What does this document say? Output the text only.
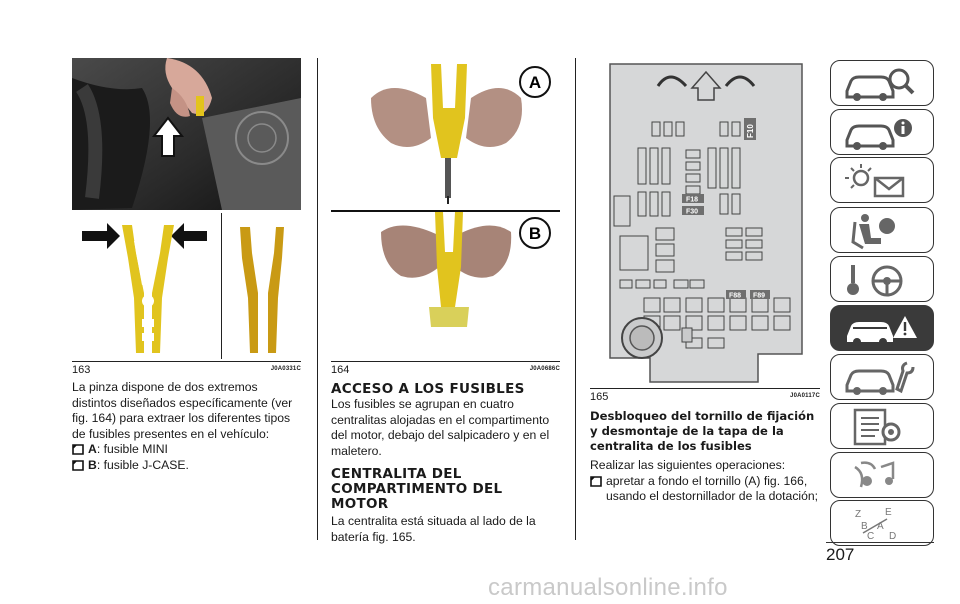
163	J0A0331C

La pinza dispone de dos extremos distintos diseñados específicamente (ver fig. 164) para extraer los diferentes tipos de fusibles presentes en el vehículo:

A: fusible MINI
B: fusible J-CASE.
A
B
164	J0A0686C

ACCESO A LOS FUSIBLES

Los fusibles se agrupan en cuatro centralitas alojadas en el compartimento del motor, debajo del salpicadero y en el maletero.

CENTRALITA DEL

COMPARTIMENTO DEL MOTOR

La centralita está situada al lado de la batería fig. 165.

F10
F18
F30
F88 F89
165	J0A0117C

Desbloqueo del tornillo de fijación y desmontaje de la tapa de la centralita de los fusibles

Realizar las siguientes operaciones:

apretar a fondo el tornillo (A) fig. 166, usando el destornillador de la dotación;
Z E
B A
C D
207
carmanualsonline.info
